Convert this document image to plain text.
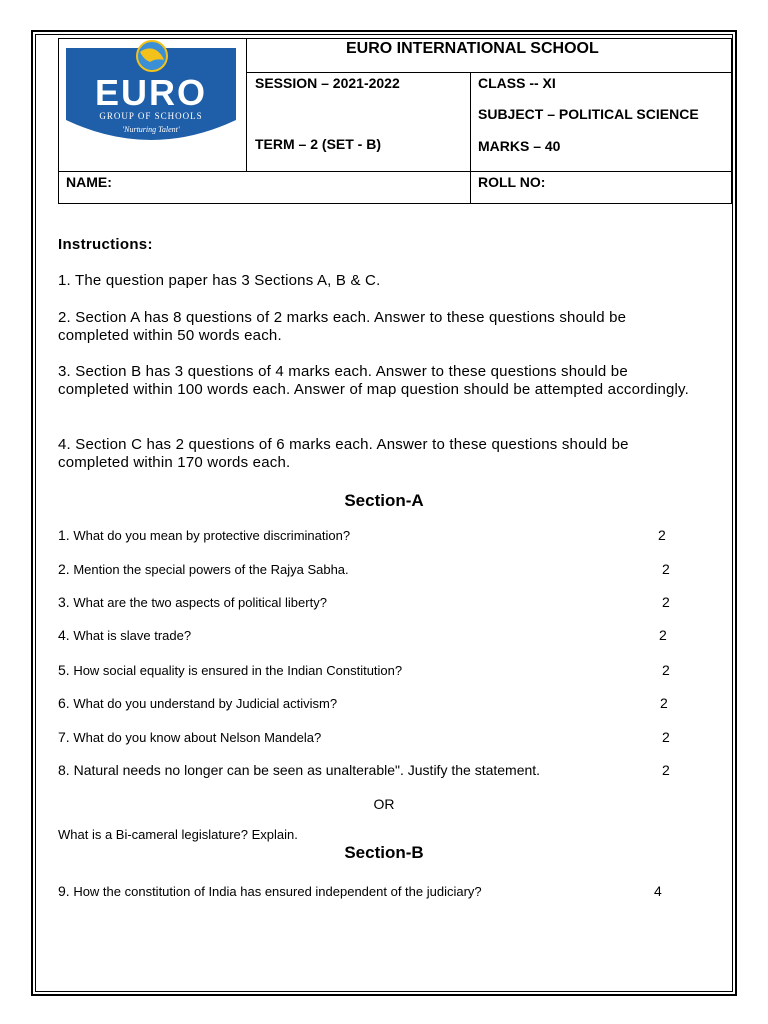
EURO
GROUP OF SCHOOLS
'Nurturing Talent'
EURO INTERNATIONAL SCHOOL
SESSION – 2021-2022	CLASS -- XI
SUBJECT – POLITICAL SCIENCE
TERM – 2 (SET - B)	MARKS – 40
NAME:	ROLL NO:
Instructions:
1. The question paper has 3 Sections A, B & C.
2. Section A has 8 questions of 2 marks each. Answer to these questions should be completed within 50 words each.
3. Section B has 3 questions of 4 marks each. Answer to these questions should be completed within 100 words each. Answer of map question should be attempted accordingly.
4. Section C has 2 questions of 6 marks each. Answer to these questions should be completed within 170 words each.
Section-A
1. What do you mean by protective discrimination?	2
2. Mention the special powers of the Rajya Sabha.	2
3. What are the two aspects of political liberty?	2
4. What is slave trade?	2
5. How social equality is ensured in the Indian Constitution?	2
6. What do you understand by Judicial activism?	2
7. What do you know about Nelson Mandela?	2
8. Natural needs no longer can be seen as unalterable". Justify the statement.	2
OR
What is a Bi-cameral legislature? Explain.
Section-B
9. How the constitution of India has ensured independent of the judiciary?	4
